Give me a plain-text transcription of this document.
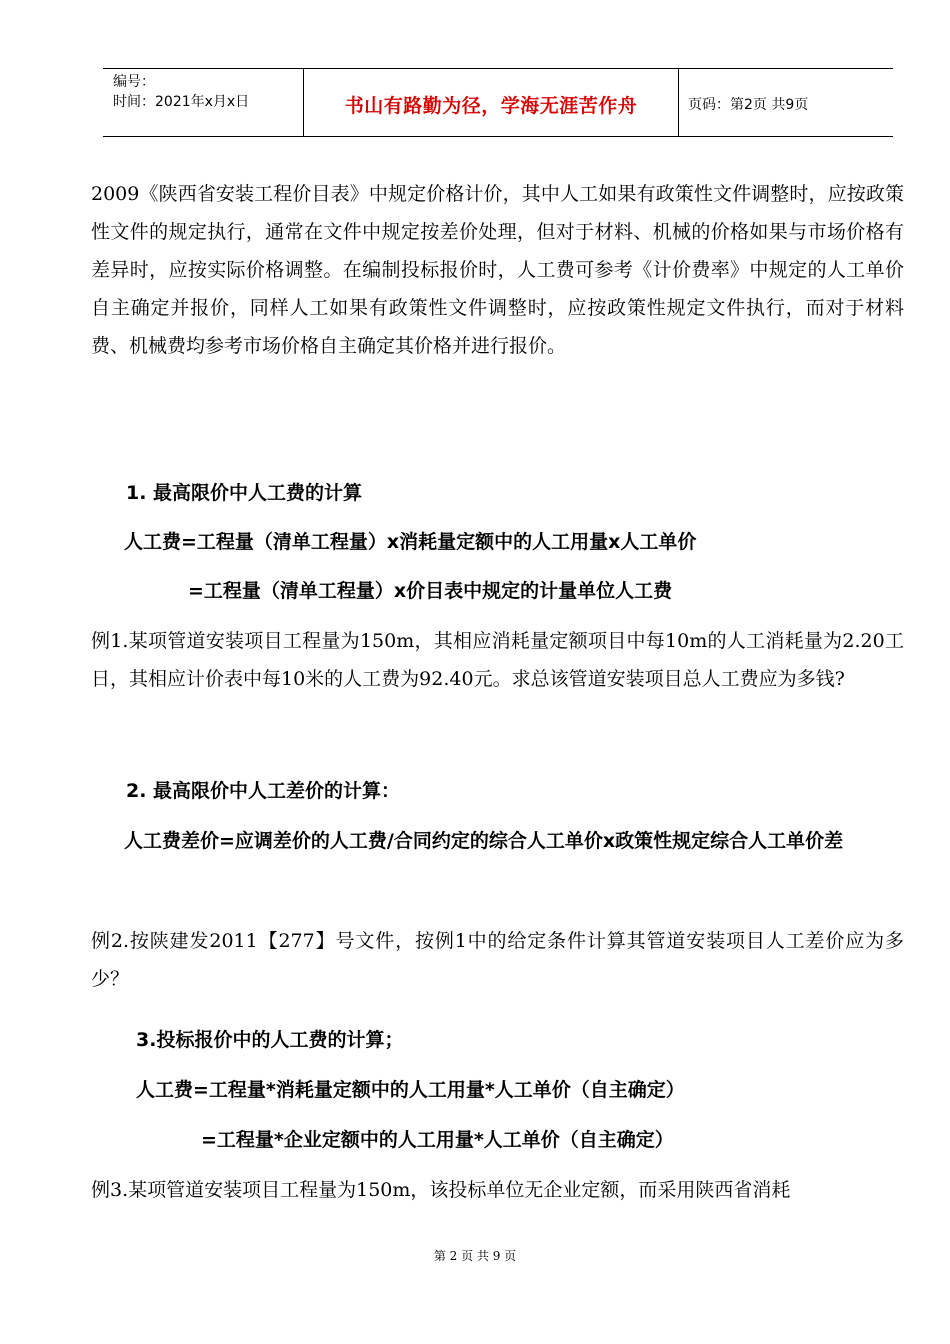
编号：
时间：2021年x月x日	书山有路勤为径，学海无涯苦作舟	页码：第2页 共9页

2009《陕西省安装工程价目表》中规定价格计价，其中人工如果有政策性文件调整时，应按政策性文件的规定执行，通常在文件中规定按差价处理，但对于材料、机械的价格如果与市场价格有差异时，应按实际价格调整。在编制投标报价时，人工费可参考《计价费率》中规定的人工单价自主确定并报价，同样人工如果有政策性文件调整时，应按政策性规定文件执行，而对于材料费、机械费均参考市场价格自主确定其价格并进行报价。

1. 最高限价中人工费的计算
人工费=工程量（清单工程量）x消耗量定额中的人工用量x人工单价
=工程量（清单工程量）x价目表中规定的计量单位人工费

例1.某项管道安装项目工程量为150m，其相应消耗量定额项目中每10m的人工消耗量为2.20工日，其相应计价表中每10米的人工费为92.40元。求总该管道安装项目总人工费应为多钱?

2. 最高限价中人工差价的计算：

人工费差价=应调差价的人工费/合同约定的综合人工单价x政策性规定综合人工单价差

例2.按陕建发2011【277】号文件，按例1中的给定条件计算其管道安装项目人工差价应为多少？

3.投标报价中的人工费的计算；
人工费=工程量*消耗量定额中的人工用量*人工单价（自主确定）
=工程量*企业定额中的人工用量*人工单价（自主确定）

例3.某项管道安装项目工程量为150m，该投标单位无企业定额，而采用陕西省消耗

第 2 页 共 9 页
